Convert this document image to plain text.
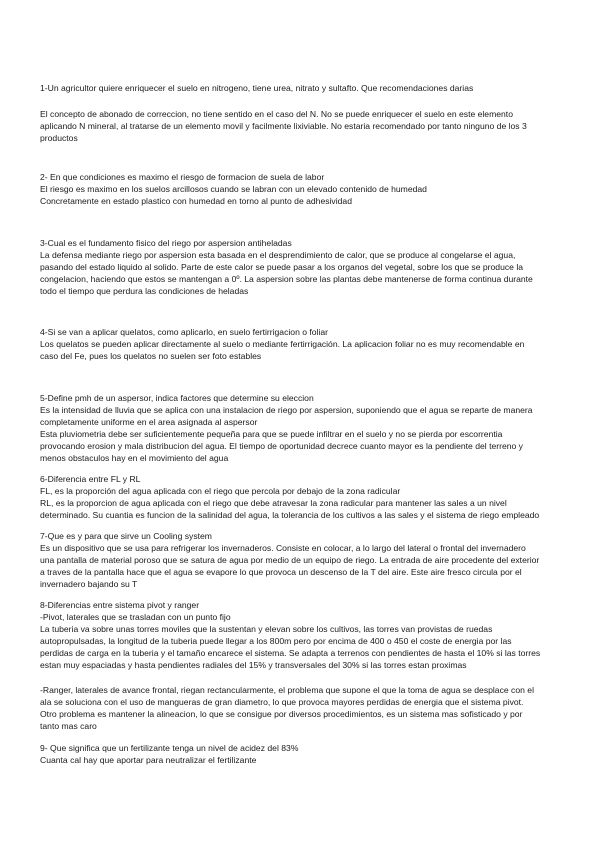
1-Un agricultor quiere enriquecer el suelo en nitrogeno, tiene urea, nitrato y sultafto. Que recomendaciones darias

El concepto de abonado de correccion, no tiene sentido en el caso del N. No se puede enriquecer el suelo en este elemento
aplicando N mineral, al tratarse de un elemento movil y facilmente lixiviable. No estaria recomendado por tanto ninguno de los 3
productos
2- En que condiciones es maximo el riesgo de formacion de suela de labor
El riesgo es maximo en los suelos arcillosos cuando se labran con un elevado contenido de humedad
Concretamente en estado plastico con humedad en torno al punto de adhesividad
3-Cual es el fundamento fisico del riego por aspersion antiheladas
La defensa mediante riego por aspersion esta basada en el desprendimiento de calor, que se produce al congelarse el agua,
pasando del estado liquido al solido. Parte de este calor se puede pasar a los organos del vegetal, sobre los que se produce la
congelacion, haciendo que estos se mantengan a 0º. La aspersion sobre las plantas debe mantenerse de forma continua durante
todo el tiempo que perdura las condiciones de heladas
4-Si se van a aplicar quelatos, como aplicarlo, en suelo fertirrigacion o foliar
Los quelatos se pueden aplicar directamente al suelo o mediante fertirrigación. La aplicacion foliar no es muy recomendable en
caso del Fe, pues los quelatos no suelen ser foto estables
5-Define pmh de un aspersor, indica factores que determine su eleccion
Es la intensidad de lluvia que se aplica con una instalacion de riego por aspersion, suponiendo que el agua se reparte de manera
completamente uniforme en el area asignada al aspersor
Esta pluviometria debe ser suficientemente pequeña para que se puede infiltrar en el suelo y no se pierda por escorrentia
provocando erosion y mala distribucion del agua. El tiempo de oportunidad decrece cuanto mayor es la pendiente del terreno y
menos obstaculos hay en el movimiento del agua
6-Diferencia entre FL y RL
FL, es la proporción del agua aplicada con el riego que percola por debajo de la zona radicular
RL, es la proporcion de agua aplicada con el riego que debe atravesar la zona radicular para mantener las sales a un nivel
determinado. Su cuantia es funcion de la salinidad del agua, la tolerancia de los cultivos a las sales y el sistema de riego empleado
7-Que es y para que sirve un Cooling system
Es un dispositivo que se usa para refrigerar los invernaderos. Consiste en colocar, a lo largo del lateral o frontal del invernadero
una pantalla de material poroso que se satura de agua por medio de un equipo de riego. La entrada de aire procedente del exterior
a traves de la pantalla hace que el agua se evapore lo que provoca un descenso de la T del aire. Este aire fresco circula por el
invernadero bajando su T
8-Diferencias entre sistema pivot y ranger
-Pivot, laterales que se trasladan con un punto fijo
La tuberia va sobre unas torres moviles que la sustentan y elevan sobre los cultivos, las torres van provistas de ruedas
autopropulsadas, la longitud de la tuberia puede llegar a los 800m pero por encima de 400 o 450 el coste de energia por las
perdidas de carga en la tuberia y el tamaño encarece el sistema. Se adapta a terrenos con pendientes de hasta el 10% si las torres
estan muy espaciadas y hasta pendientes radiales del 15% y transversales del 30% si las torres estan proximas
-Ranger, laterales de avance frontal, riegan rectancularmente, el problema que supone el que la toma de agua se desplace con el
ala se soluciona con el uso de mangueras de gran diametro, lo que provoca mayores perdidas de energia que el sistema pivot.
Otro problema es mantener la alineacion, lo que se consigue por diversos procedimientos, es un sistema mas sofisticado y por
tanto mas caro
9- Que significa que un fertilizante tenga un nivel de acidez del 83%
Cuanta cal hay que aportar para neutralizar el fertilizante
